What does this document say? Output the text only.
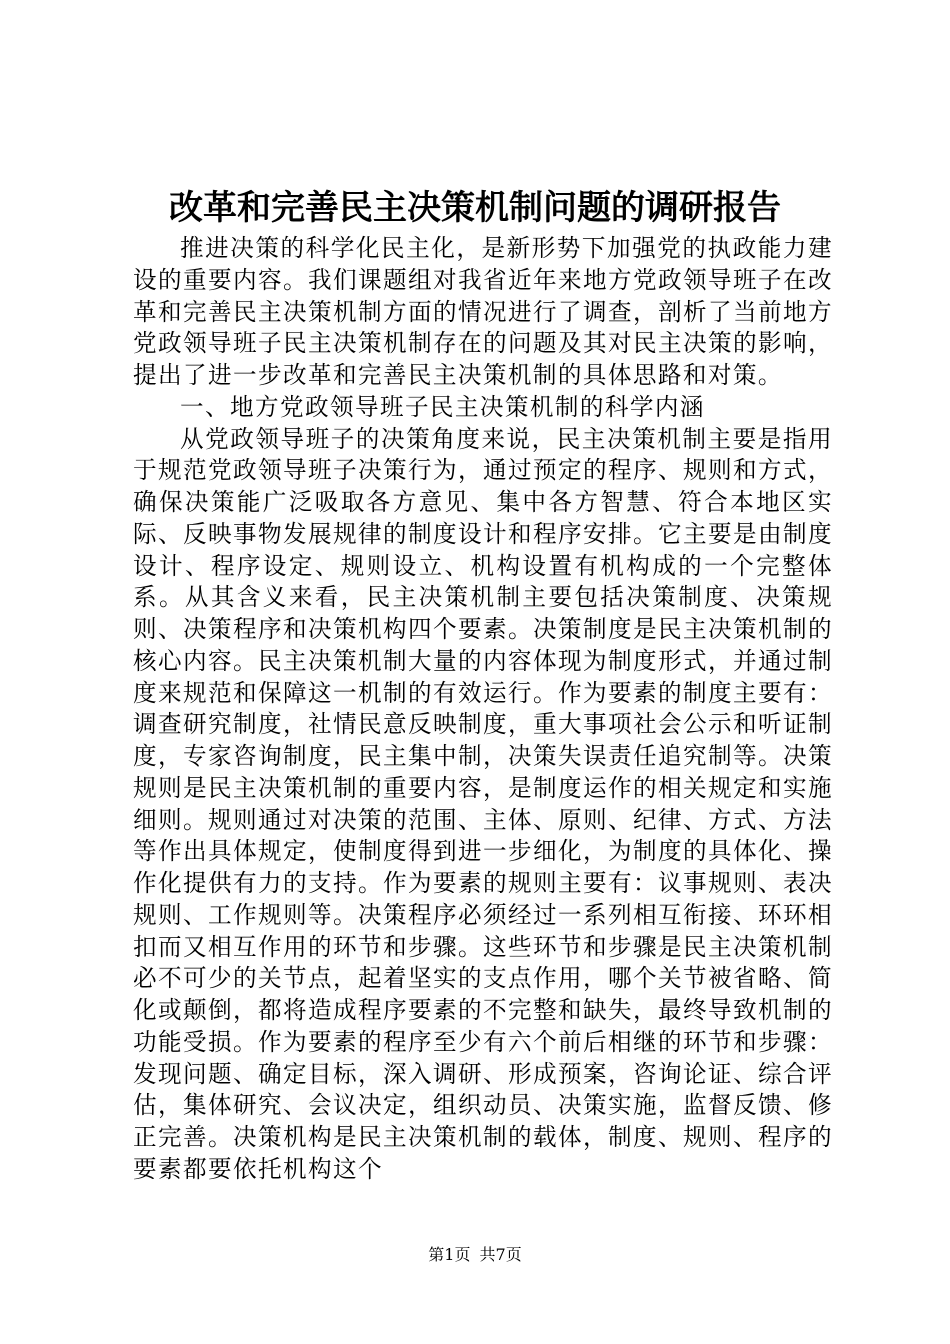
改革和完善民主决策机制问题的调研报告

推进决策的科学化民主化，是新形势下加强党的执政能力建设的重要内容。我们课题组对我省近年来地方党政领导班子在改革和完善民主决策机制方面的情况进行了调查，剖析了当前地方党政领导班子民主决策机制存在的问题及其对民主决策的影响，提出了进一步改革和完善民主决策机制的具体思路和对策。

一、地方党政领导班子民主决策机制的科学内涵

从党政领导班子的决策角度来说，民主决策机制主要是指用于规范党政领导班子决策行为，通过预定的程序、规则和方式，确保决策能广泛吸取各方意见、集中各方智慧、符合本地区实际、反映事物发展规律的制度设计和程序安排。它主要是由制度设计、程序设定、规则设立、机构设置有机构成的一个完整体系。从其含义来看，民主决策机制主要包括决策制度、决策规则、决策程序和决策机构四个要素。决策制度是民主决策机制的核心内容。民主决策机制大量的内容体现为制度形式，并通过制度来规范和保障这一机制的有效运行。作为要素的制度主要有：调查研究制度，社情民意反映制度，重大事项社会公示和听证制度，专家咨询制度，民主集中制，决策失误责任追究制等。决策规则是民主决策机制的重要内容，是制度运作的相关规定和实施细则。规则通过对决策的范围、主体、原则、纪律、方式、方法等作出具体规定，使制度得到进一步细化，为制度的具体化、操作化提供有力的支持。作为要素的规则主要有：议事规则、表决规则、工作规则等。决策程序必须经过一系列相互衔接、环环相扣而又相互作用的环节和步骤。这些环节和步骤是民主决策机制必不可少的关节点，起着坚实的支点作用，哪个关节被省略、简化或颠倒，都将造成程序要素的不完整和缺失，最终导致机制的功能受损。作为要素的程序至少有六个前后相继的环节和步骤：发现问题、确定目标，深入调研、形成预案，咨询论证、综合评估，集体研究、会议决定，组织动员、决策实施，监督反馈、修正完善。决策机构是民主决策机制的载体，制度、规则、程序的要素都要依托机构这个

第1页 共7页
